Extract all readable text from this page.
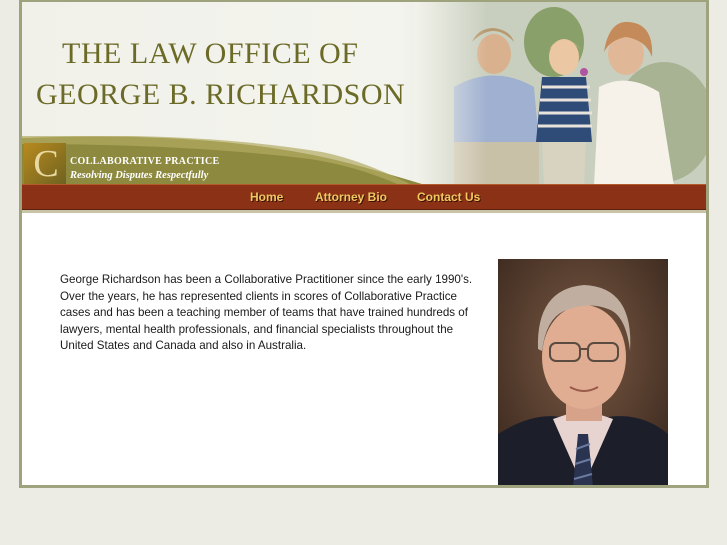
THE LAW OFFICE OF
GEORGE B. RICHARDSON
C	COLLABORATIVE PRACTICE
Resolving Disputes Respectfully
Home	Attorney Bio	Contact Us
George Richardson has been a Collaborative Practitioner since the early 1990's. Over the years, he has represented clients in scores of Collaborative Practice cases and has been a teaching member of teams that have trained hundreds of lawyers, mental health professionals, and financial specialists throughout the United States and Canada and also in Australia.
